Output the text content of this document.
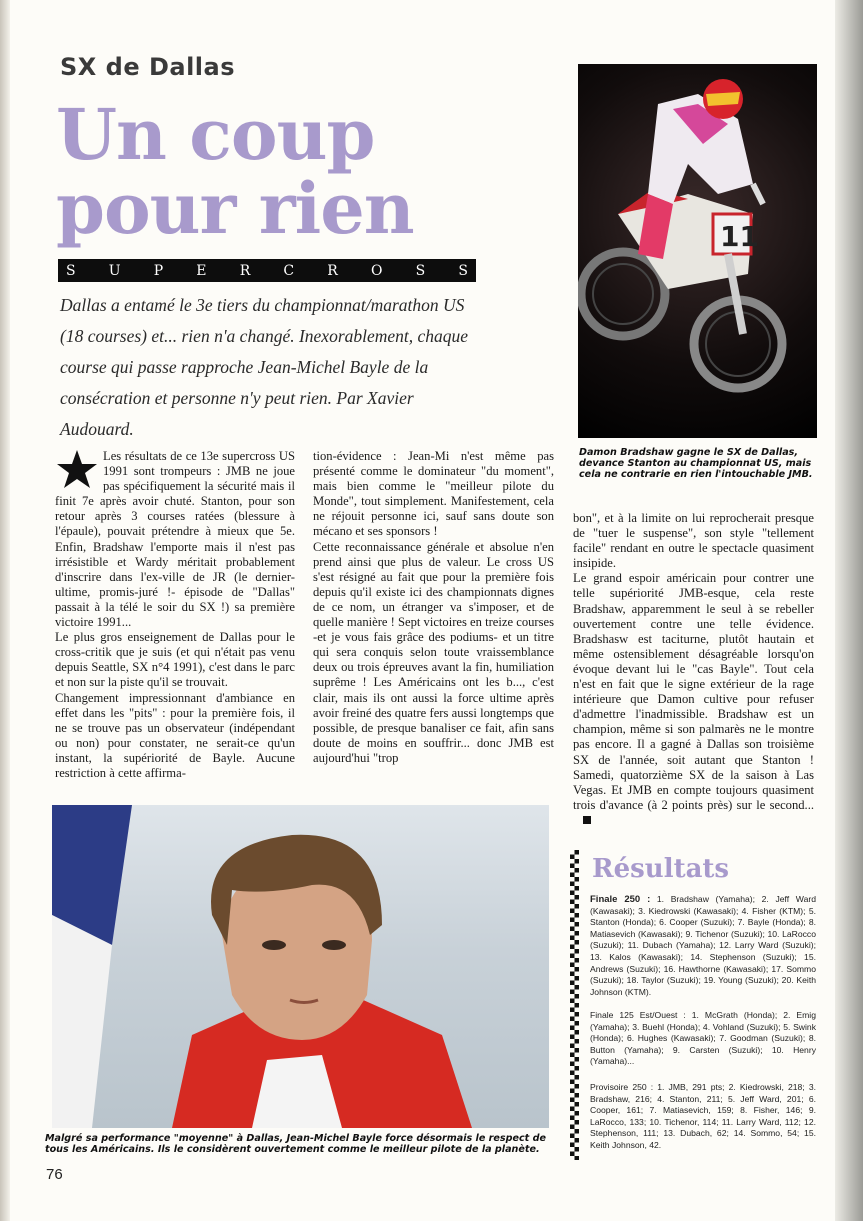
SX de Dallas
Un coup
pour rien
S U P E R C R O S S
Dallas a entamé le 3e tiers du championnat/marathon US (18 courses) et... rien n'a changé. Inexorablement, chaque course qui passe rapproche Jean-Michel Bayle de la consécration et personne n'y peut rien. Par Xavier Audouard.
11
Damon Bradshaw gagne le SX de Dallas, devance Stanton au championnat US, mais cela ne contrarie en rien l'intouchable JMB.

Les résultats de ce 13e supercross US 1991 sont trompeurs : JMB ne joue pas spécifiquement la sécurité mais il finit 7e après avoir chuté. Stanton, pour son retour après 3 courses ratées (blessure à l'épaule), pouvait prétendre à mieux que 5e. Enfin, Bradshaw l'emporte mais il n'est pas irrésistible et Wardy méritait probablement d'inscrire dans l'ex-ville de JR (le dernier-ultime, promis-juré !- épisode de "Dallas" passait à la télé le soir du SX !) sa première victoire 1991...

Le plus gros enseignement de Dallas pour le cross-critik que je suis (et qui n'était pas venu depuis Seattle, SX n°4 1991), c'est dans le parc et non sur la piste qu'il se trouvait.

Changement impressionnant d'ambiance en effet dans les "pits" : pour la première fois, il ne se trouve pas un observateur (indépendant ou non) pour constater, ne serait-ce qu'un instant, la supériorité de Bayle. Aucune restriction à cette affirma-

tion-évidence : Jean-Mi n'est même pas présenté comme le dominateur "du moment", mais bien comme le "meilleur pilote du Monde", tout simplement. Manifestement, cela ne réjouit personne ici, sauf sans doute son mécano et ses sponsors !

Cette reconnaissance générale et absolue n'en prend ainsi que plus de valeur. Le cross US s'est résigné au fait que pour la première fois depuis qu'il existe ici des championnats dignes de ce nom, un étranger va s'imposer, et de quelle manière ! Sept victoires en treize courses -et je vous fais grâce des podiums- et un titre qui sera conquis selon toute vraissemblance deux ou trois épreuves avant la fin, humiliation suprême ! Les Américains ont les b..., c'est clair, mais ils ont aussi la force ultime après avoir freiné des quatre fers aussi longtemps que possible, de presque banaliser ce fait, afin sans doute de moins en souffrir... donc JMB est aujourd'hui "trop

bon", et à la limite on lui reprocherait presque de "tuer le suspense", son style "tellement facile" rendant en outre le spectacle quasiment insipide.

Le grand espoir américain pour contrer une telle supériorité JMB-esque, cela reste Bradshaw, apparemment le seul à se rebeller ouvertement contre une telle évidence. Bradshasw est taciturne, plutôt hautain et même ostensiblement désagréable lorsqu'on évoque devant lui le "cas Bayle". Tout cela n'est en fait que le signe extérieur de la rage intérieure que Damon cultive pour refuser d'admettre l'inadmissible. Bradshaw est un champion, même si son palmarès ne le montre pas encore. Il a gagné à Dallas son troisième SX de l'année, soit autant que Stanton ! Samedi, quatorzième SX de la saison à Las Vegas. Et JMB en compte toujours quasiment trois d'avance (à 2 points près) sur le second...

Malgré sa performance "moyenne" à Dallas, Jean-Michel Bayle force désormais le respect de tous les Américains. Ils le considèrent ouvertement comme le meilleur pilote de la planète.
Résultats
Finale 250 : 1. Bradshaw (Yamaha); 2. Jeff Ward (Kawasaki); 3. Kiedrowski (Kawasaki); 4. Fisher (KTM); 5. Stanton (Honda); 6. Cooper (Suzuki); 7. Bayle (Honda); 8. Matiasevich (Kawasaki); 9. Tichenor (Suzuki); 10. LaRocco (Suzuki); 11. Dubach (Yamaha); 12. Larry Ward (Suzuki); 13. Kalos (Kawasaki); 14. Stephenson (Suzuki); 15. Andrews (Suzuki); 16. Hawthorne (Kawasaki); 17. Sommo (Suzuki); 18. Taylor (Suzuki); 19. Young (Suzuki); 20. Keith Johnson (KTM).
Finale 125 Est/Ouest : 1. McGrath (Honda); 2. Emig (Yamaha); 3. Buehl (Honda); 4. Vohland (Suzuki); 5. Swink (Honda); 6. Hughes (Kawasaki); 7. Goodman (Suzuki); 8. Button (Yamaha); 9. Carsten (Suzuki); 10. Henry (Yamaha)...
Provisoire 250 : 1. JMB, 291 pts; 2. Kiedrowski, 218; 3. Bradshaw, 216; 4. Stanton, 211; 5. Jeff Ward, 201; 6. Cooper, 161; 7. Matiasevich, 159; 8. Fisher, 146; 9. LaRocco, 133; 10. Tichenor, 114; 11. Larry Ward, 112; 12. Stephenson, 111; 13. Dubach, 62; 14. Sommo, 54; 15. Keith Johnson, 42.
76
